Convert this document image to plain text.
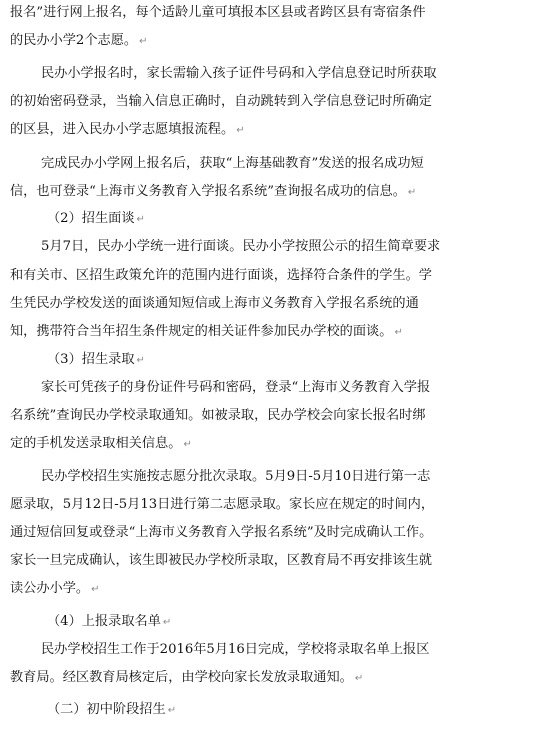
报名”进行网上报名，每个适龄儿童可填报本区县或者跨区县有寄宿条件
的民办小学2个志愿。 ↵
民办小学报名时，家长需输入孩子证件号码和入学信息登记时所获取
的初始密码登录，当输入信息正确时，自动跳转到入学信息登记时所确定
的区县，进入民办小学志愿填报流程。 ↵
完成民办小学网上报名后，获取“上海基础教育”发送的报名成功短
信，也可登录“上海市义务教育入学报名系统”查询报名成功的信息。 ↵
（2）招生面谈 ↵
5月7日，民办小学统一进行面谈。民办小学按照公示的招生简章要求
和有关市、区招生政策允许的范围内进行面谈，选择符合条件的学生。学
生凭民办学校发送的面谈通知短信或上海市义务教育入学报名系统的通
知，携带符合当年招生条件规定的相关证件参加民办学校的面谈。 ↵
（3）招生录取 ↵
家长可凭孩子的身份证件号码和密码，登录“上海市义务教育入学报
名系统”查询民办学校录取通知。如被录取，民办学校会向家长报名时绑
定的手机发送录取相关信息。 ↵
民办学校招生实施按志愿分批次录取。5月9日-5月10日进行第一志
愿录取，5月12日-5月13日进行第二志愿录取。家长应在规定的时间内，
通过短信回复或登录“上海市义务教育入学报名系统”及时完成确认工作。
家长一旦完成确认，该生即被民办学校所录取，区教育局不再安排该生就
读公办小学。 ↵
（4）上报录取名单 ↵
民办学校招生工作于2016年5月16日完成，学校将录取名单上报区
教育局。经区教育局核定后，由学校向家长发放录取通知。 ↵
（二）初中阶段招生 ↵
